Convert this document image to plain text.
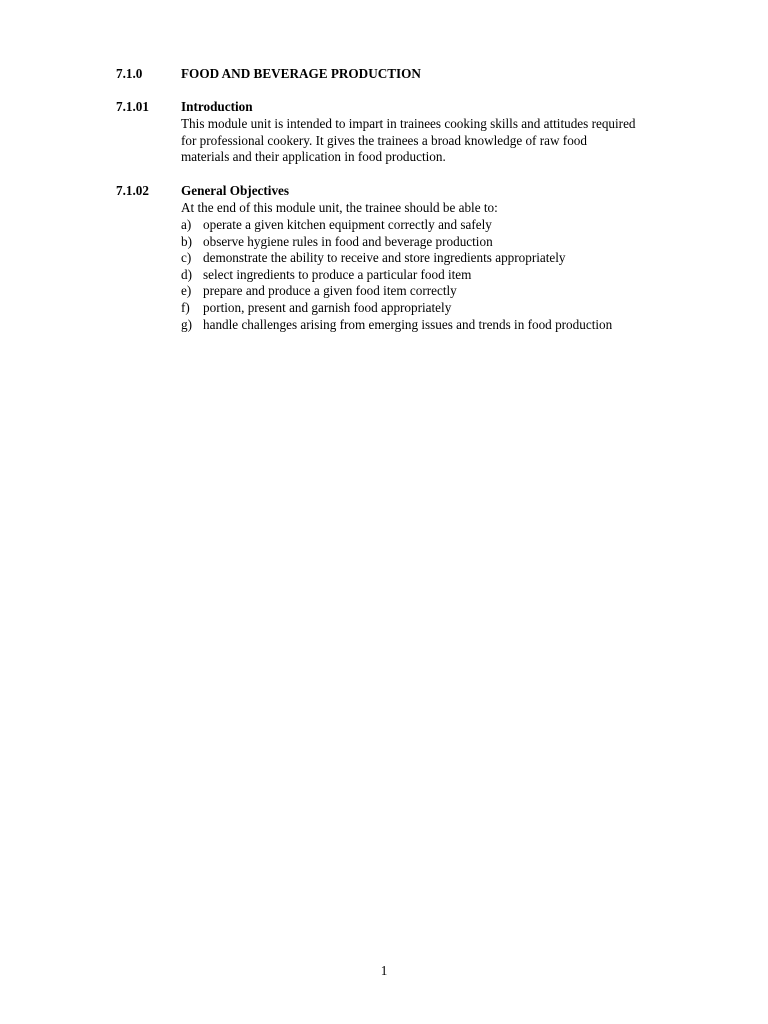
7.1.0	FOOD AND BEVERAGE PRODUCTION
7.1.01 Introduction
This module unit is intended to impart in trainees cooking skills and attitudes required
for professional cookery. It gives the trainees a broad knowledge of raw food
materials and their application in food production.
7.1.02 General Objectives
At the end of this module unit, the trainee should be able to:
a) operate a given kitchen equipment correctly and safely
b) observe hygiene rules in food and beverage production
c) demonstrate the ability to receive and store ingredients appropriately
d) select ingredients to produce a particular food item
e) prepare and produce a given food item correctly
f)	portion, present and garnish food appropriately
g) handle challenges arising from emerging issues and trends in food production
1
